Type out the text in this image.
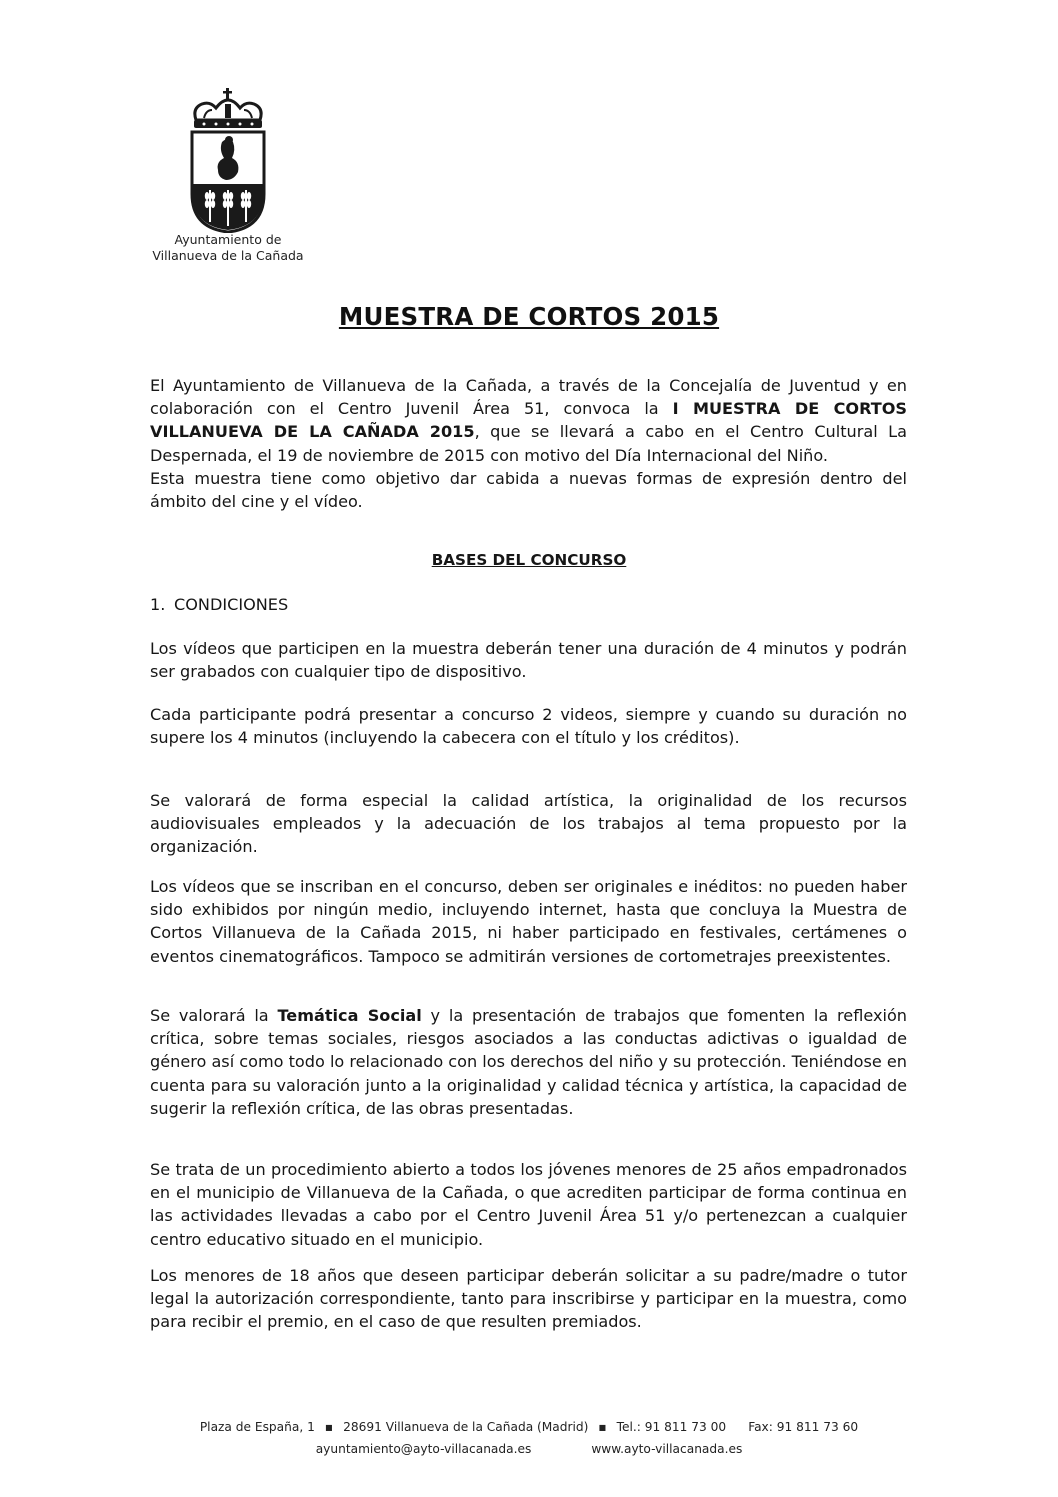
Ayuntamiento de
Villanueva de la Cañada
MUESTRA DE CORTOS 2015

El Ayuntamiento de Villanueva de la Cañada, a través de la Concejalía de Juventud y en colaboración con el Centro Juvenil Área 51, convoca la I MUESTRA DE CORTOS VILLANUEVA DE LA CAÑADA 2015, que se llevará a cabo en el Centro Cultural La Despernada, el 19 de noviembre de 2015 con motivo del Día Internacional del Niño.

Esta muestra tiene como objetivo dar cabida a nuevas formas de expresión dentro del ámbito del cine y el vídeo.

BASES DEL CONCURSO
1. CONDICIONES

Los vídeos que participen en la muestra deberán tener una duración de 4 minutos y podrán ser grabados con cualquier tipo de dispositivo.

Cada participante podrá presentar a concurso 2 videos, siempre y cuando su duración no supere los 4 minutos (incluyendo la cabecera con el título y los créditos).

Se valorará de forma especial la calidad artística, la originalidad de los recursos audiovisuales empleados y la adecuación de los trabajos al tema propuesto por la organización.

Los vídeos que se inscriban en el concurso, deben ser originales e inéditos: no pueden haber sido exhibidos por ningún medio, incluyendo internet, hasta que concluya la Muestra de Cortos Villanueva de la Cañada 2015, ni haber participado en festivales, certámenes o eventos cinematográficos. Tampoco se admitirán versiones de cortometrajes preexistentes.

Se valorará la Temática Social y la presentación de trabajos que fomenten la reflexión crítica, sobre temas sociales, riesgos asociados a las conductas adictivas o igualdad de género así como todo lo relacionado con los derechos del niño y su protección. Teniéndose en cuenta para su valoración junto a la originalidad y calidad técnica y artística, la capacidad de sugerir la reflexión crítica, de las obras presentadas.

Se trata de un procedimiento abierto a todos los jóvenes menores de 25 años empadronados en el municipio de Villanueva de la Cañada, o que acrediten participar de forma continua en las actividades llevadas a cabo por el Centro Juvenil Área 51 y/o pertenezcan a cualquier centro educativo situado en el municipio.

Los menores de 18 años que deseen participar deberán solicitar a su padre/madre o tutor legal la autorización correspondiente, tanto para inscribirse y participar en la muestra, como para recibir el premio, en el caso de que resulten premiados.

Plaza de España, 1 ▪ 28691 Villanueva de la Cañada (Madrid) ▪ Tel.: 91 811 73 00 Fax: 91 811 73 60
ayuntamiento@ayto-villacanada.es	www.ayto-villacanada.es
